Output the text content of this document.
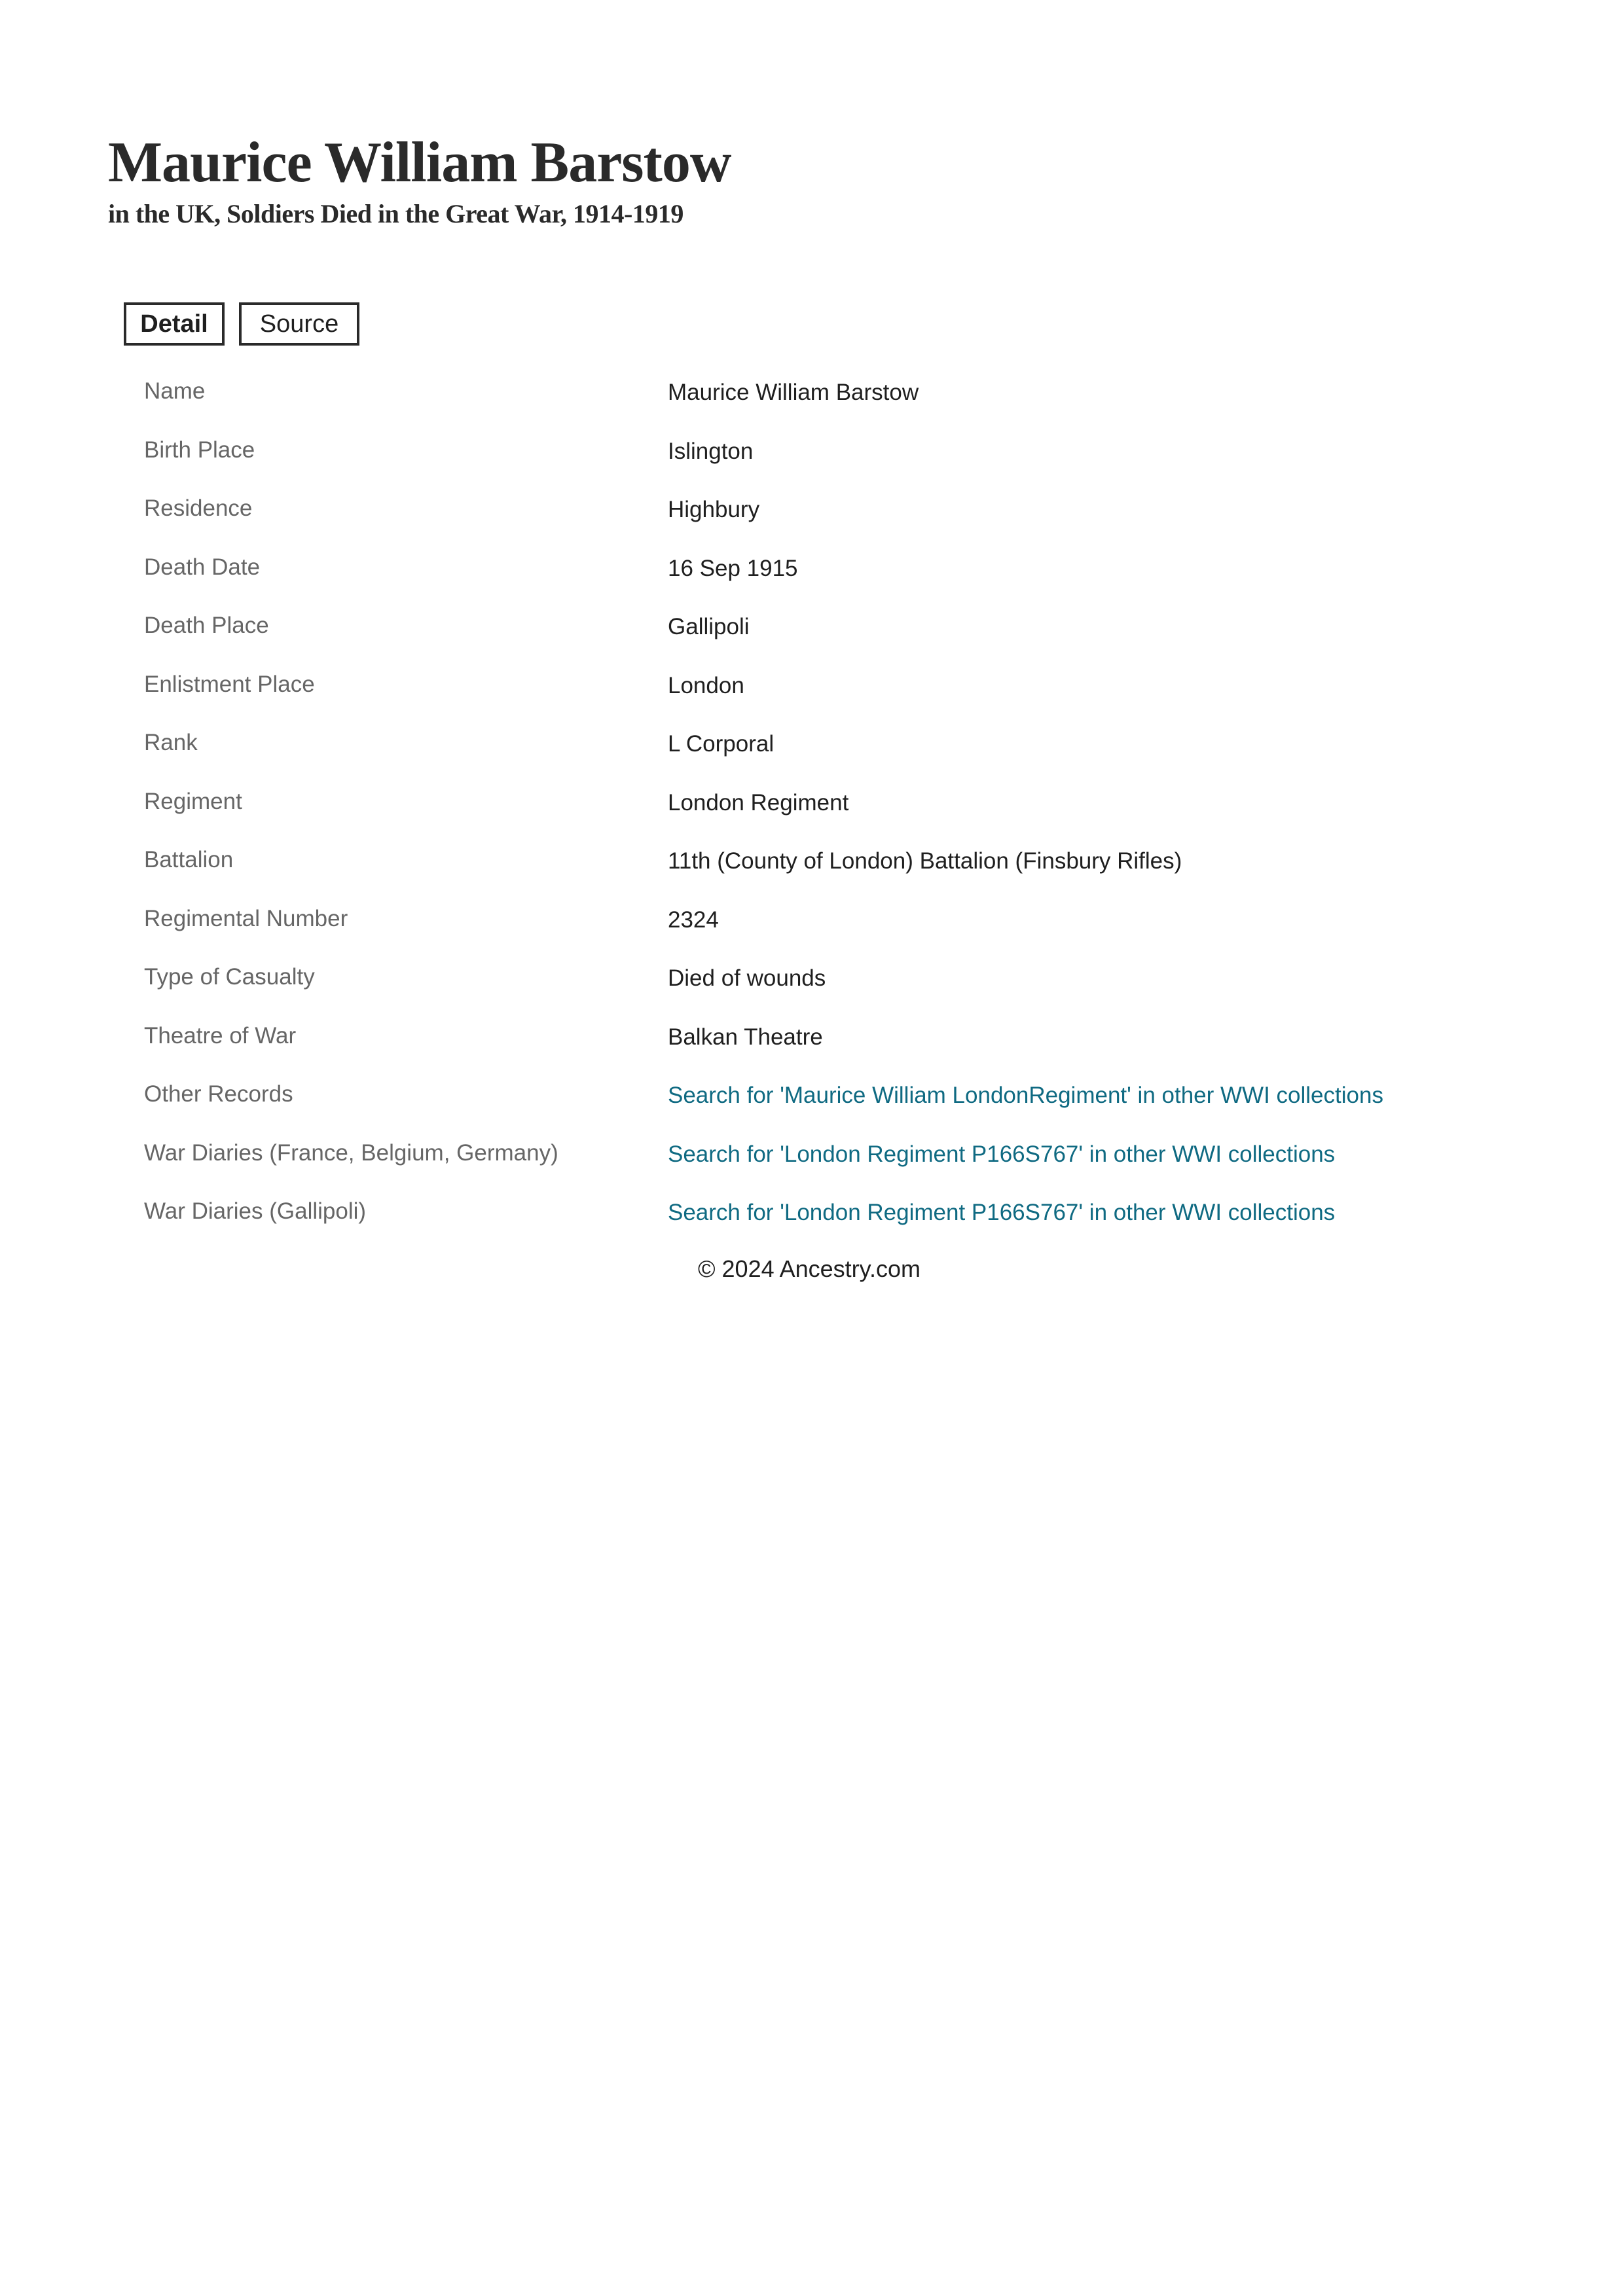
Maurice William Barstow
in the UK, Soldiers Died in the Great War, 1914-1919
Detail	Source
Name	Maurice William Barstow
Birth Place	Islington
Residence	Highbury
Death Date	16 Sep 1915
Death Place	Gallipoli
Enlistment Place	London
Rank	L Corporal
Regiment	London Regiment
Battalion	11th (County of London) Battalion (Finsbury Rifles)
Regimental Number	2324
Type of Casualty	Died of wounds
Theatre of War	Balkan Theatre
Other Records	Search for 'Maurice William LondonRegiment' in other WWI collections
War Diaries (France, Belgium, Germany)	Search for 'London Regiment P166S767' in other WWI collections
War Diaries (Gallipoli)	Search for 'London Regiment P166S767' in other WWI collections
© 2024 Ancestry.com
